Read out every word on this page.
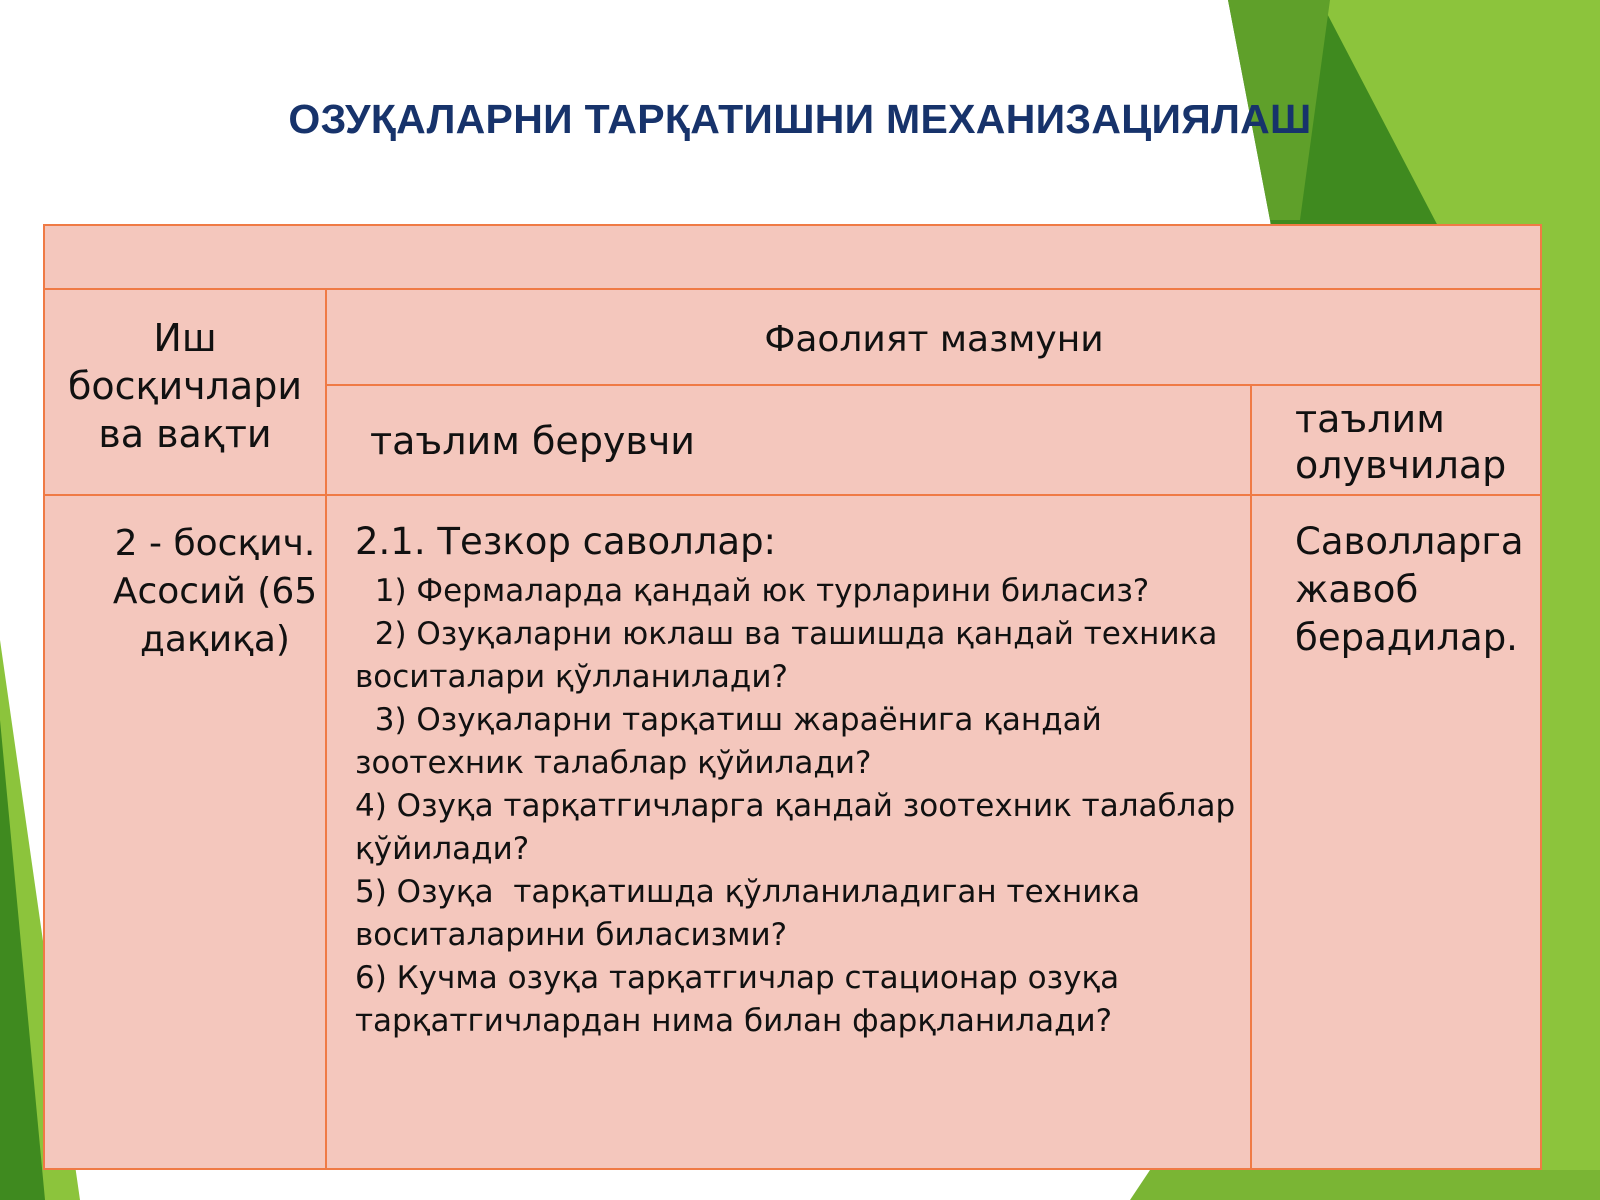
ОЗУҚАЛАРНИ ТАРҚАТИШНИ МЕХАНИЗАЦИЯЛАШ
Иш босқичлари ва вақти
Фаолият мазмуни
таълим берувчи	таълим олувчилар
2 - босқич. Асосий (65 дақиқа)
2.1. Тезкор саволлар:
1) Фермаларда қандай юк турларини биласиз?
2) Озуқаларни юклаш ва ташишда қандай техника воситалари қўлланилади?
3) Озуқаларни тарқатиш жараёнига қандай зоотехник талаблар қўйилади?
4) Озуқа тарқатгичларга қандай зоотехник талаблар қўйилади?
5) Озуқа  тарқатишда қўлланиладиган техника воситаларини биласизми?
6) Кучма озуқа тарқатгичлар стационар озуқа тарқатгичлардан нима билан фарқланилади?
Саволларга жавоб берадилар.
